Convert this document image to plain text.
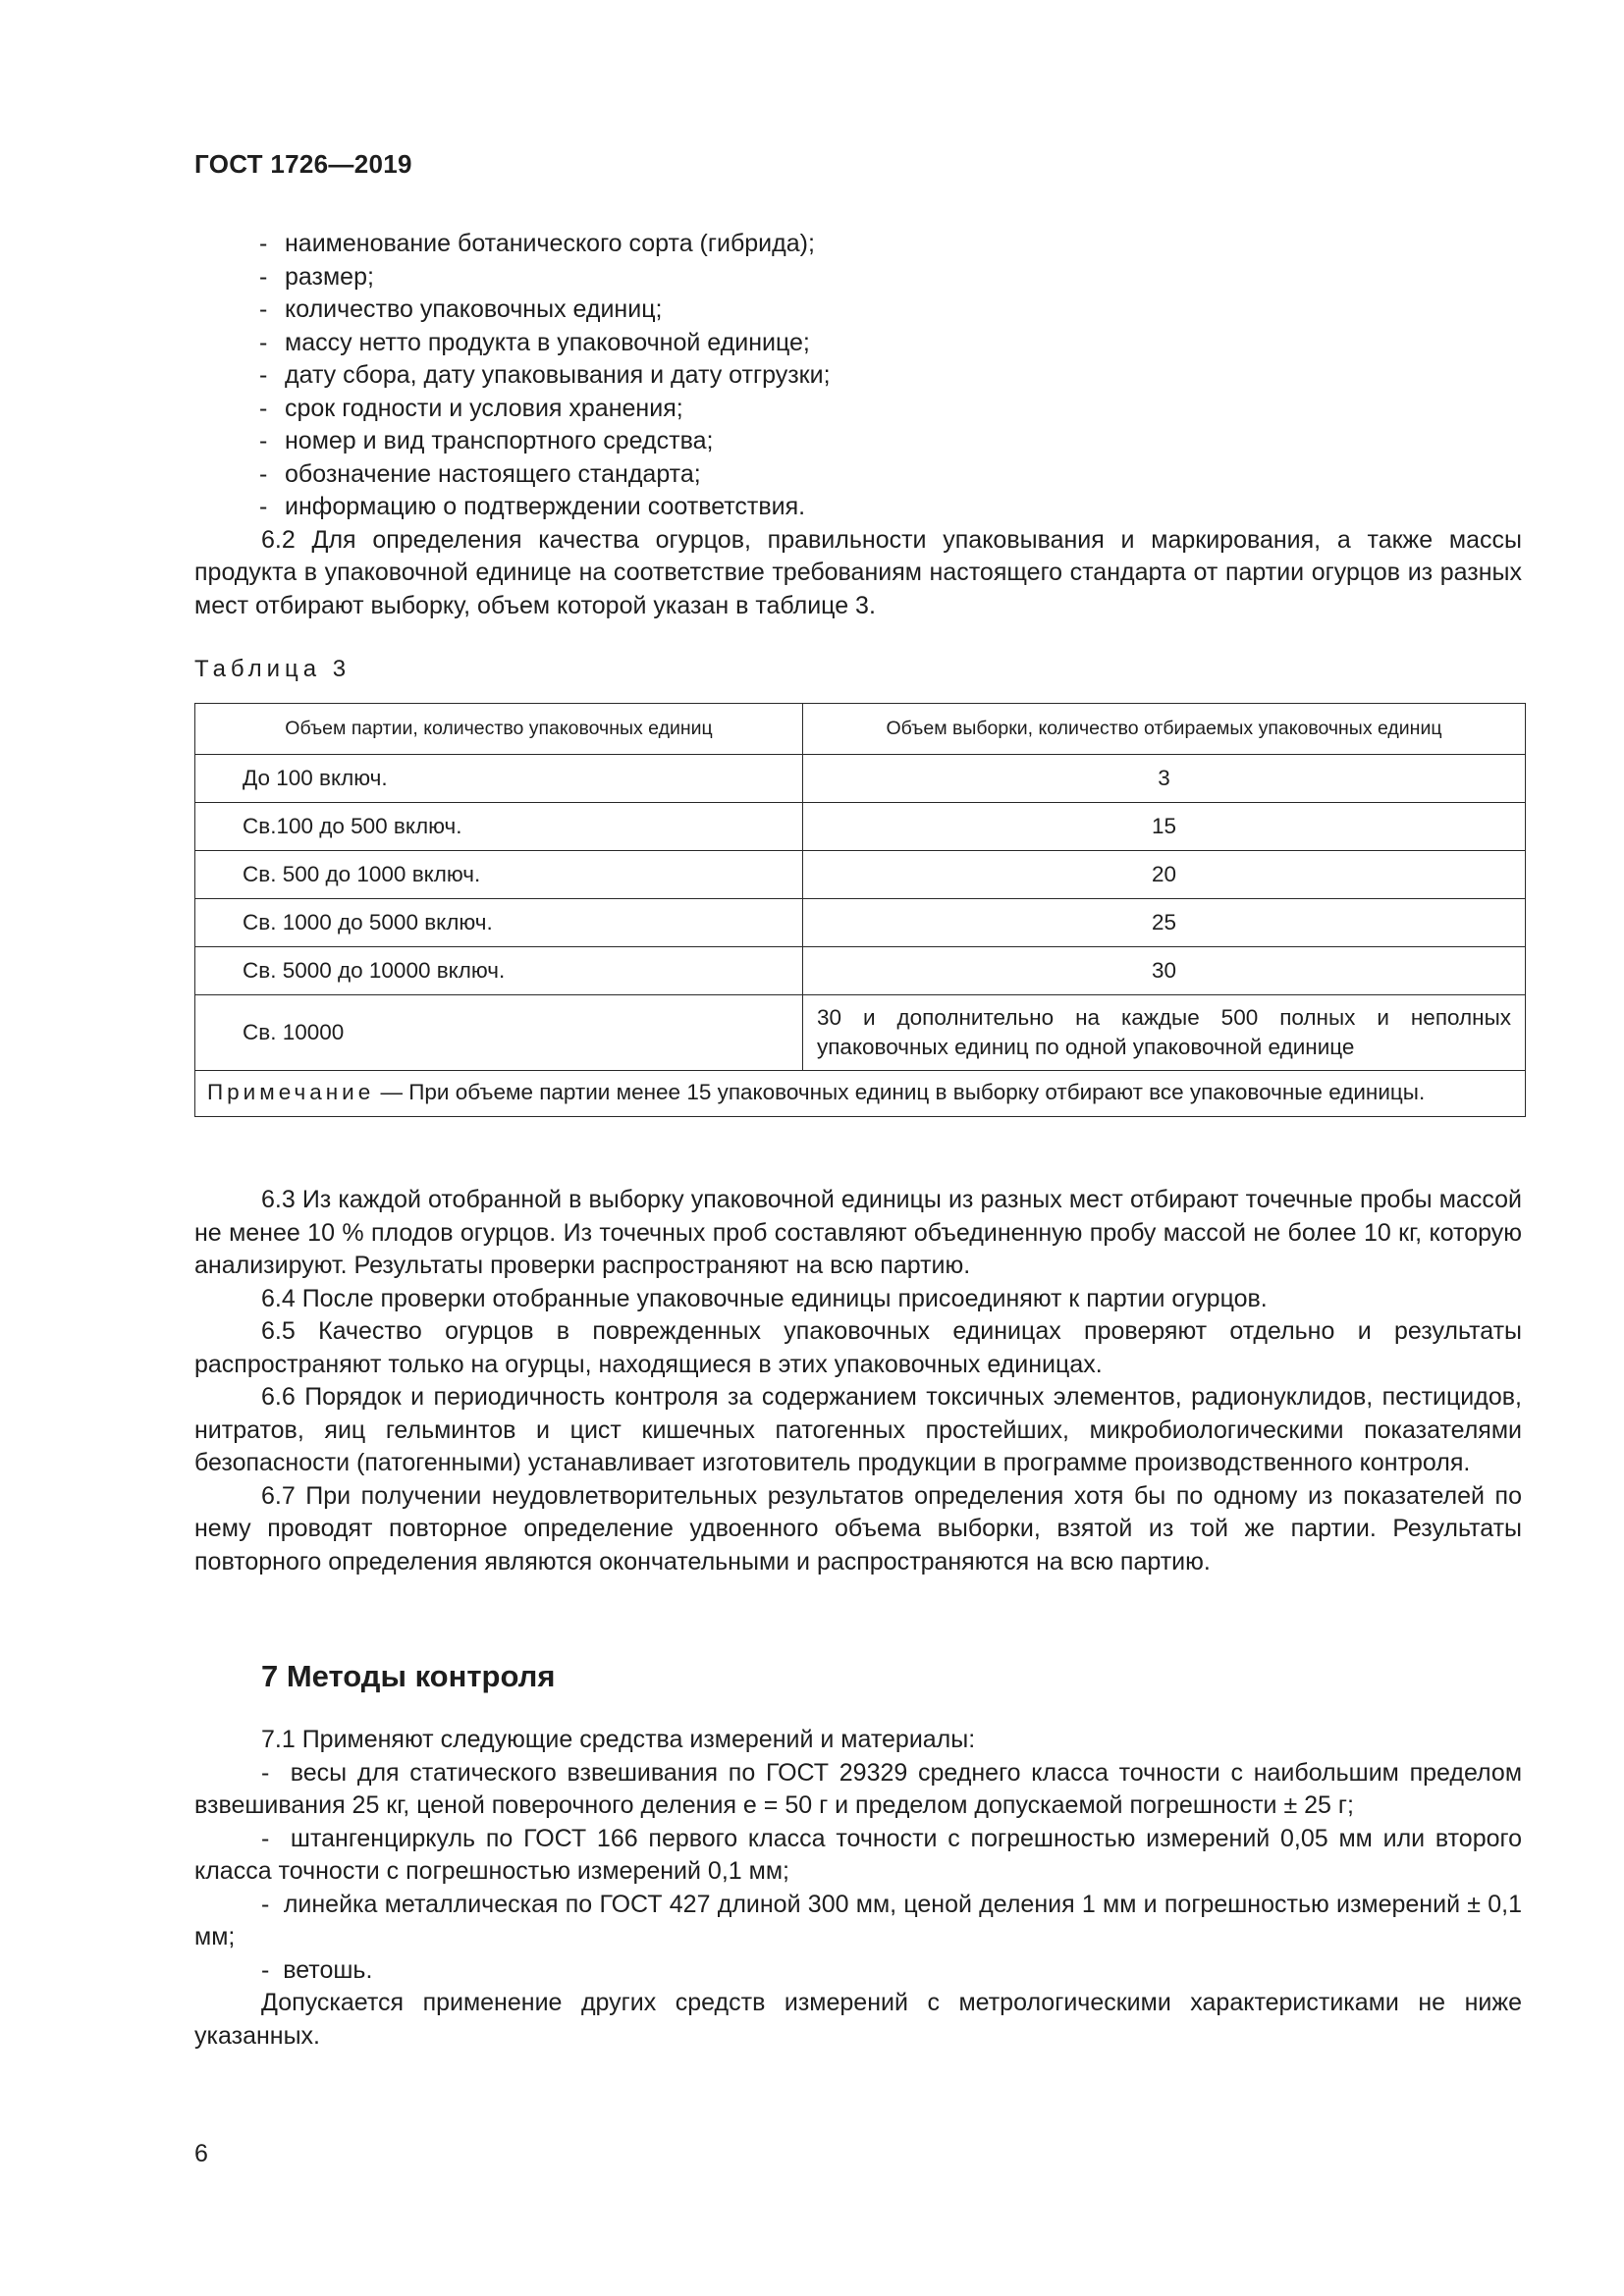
ГОСТ 1726—2019

- наименование ботанического сорта (гибрида);

- размер;

- количество упаковочных единиц;

- массу нетто продукта в упаковочной единице;

- дату сбора, дату упаковывания и дату отгрузки;

- срок годности и условия хранения;

- номер и вид транспортного средства;

- обозначение настоящего стандарта;

- информацию о подтверждении соответствия.

6.2 Для определения качества огурцов, правильности упаковывания и маркирования, а также массы продукта в упаковочной единице на соответствие требованиям настоящего стандарта от партии огурцов из разных мест отбирают выборку, объем которой указан в таблице 3.

Таблица 3
Объем партии, количество упаковочных единиц	Объем выборки, количество отбираемых упаковочных единиц
До 100 включ.	3
Св.100 до 500 включ.	15
Св. 500 до 1000 включ.	20
Св. 1000 до 5000 включ.	25
Св. 5000 до 10000 включ.	30
Св. 10000	30 и дополнительно на каждые 500 полных и неполных упаковочных единиц по одной упаковочной единице
Примечание — При объеме партии менее 15 упаковочных единиц в выборку отбирают все упаковочные единицы.	

6.3 Из каждой отобранной в выборку упаковочной единицы из разных мест отбирают точечные пробы массой не менее 10 % плодов огурцов. Из точечных проб составляют объединенную пробу массой не более 10 кг, которую анализируют. Результаты проверки распространяют на всю партию.

6.4 После проверки отобранные упаковочные единицы присоединяют к партии огурцов.

6.5 Качество огурцов в поврежденных упаковочных единицах проверяют отдельно и результаты распространяют только на огурцы, находящиеся в этих упаковочных единицах.

6.6 Порядок и периодичность контроля за содержанием токсичных элементов, радионуклидов, пестицидов, нитратов, яиц гельминтов и цист кишечных патогенных простейших, микробиологическими показателями безопасности (патогенными) устанавливает изготовитель продукции в программе производственного контроля.

6.7 При получении неудовлетворительных результатов определения хотя бы по одному из показателей по нему проводят повторное определение удвоенного объема выборки, взятой из той же партии. Результаты повторного определения являются окончательными и распространяются на всю партию.

7 Методы контроля

7.1 Применяют следующие средства измерений и материалы:

-  весы для статического взвешивания по ГОСТ 29329 среднего класса точности с наибольшим пределом взвешивания 25 кг, ценой поверочного деления е = 50 г и пределом допускаемой погрешности ± 25 г;

-  штангенциркуль по ГОСТ 166 первого класса точности с погрешностью измерений 0,05 мм или второго класса точности с погрешностью измерений 0,1 мм;

-  линейка металлическая по ГОСТ 427 длиной 300 мм, ценой деления 1 мм и погрешностью измерений ± 0,1 мм;

-  ветошь.

Допускается применение других средств измерений с метрологическими характеристиками не ниже указанных.

6
